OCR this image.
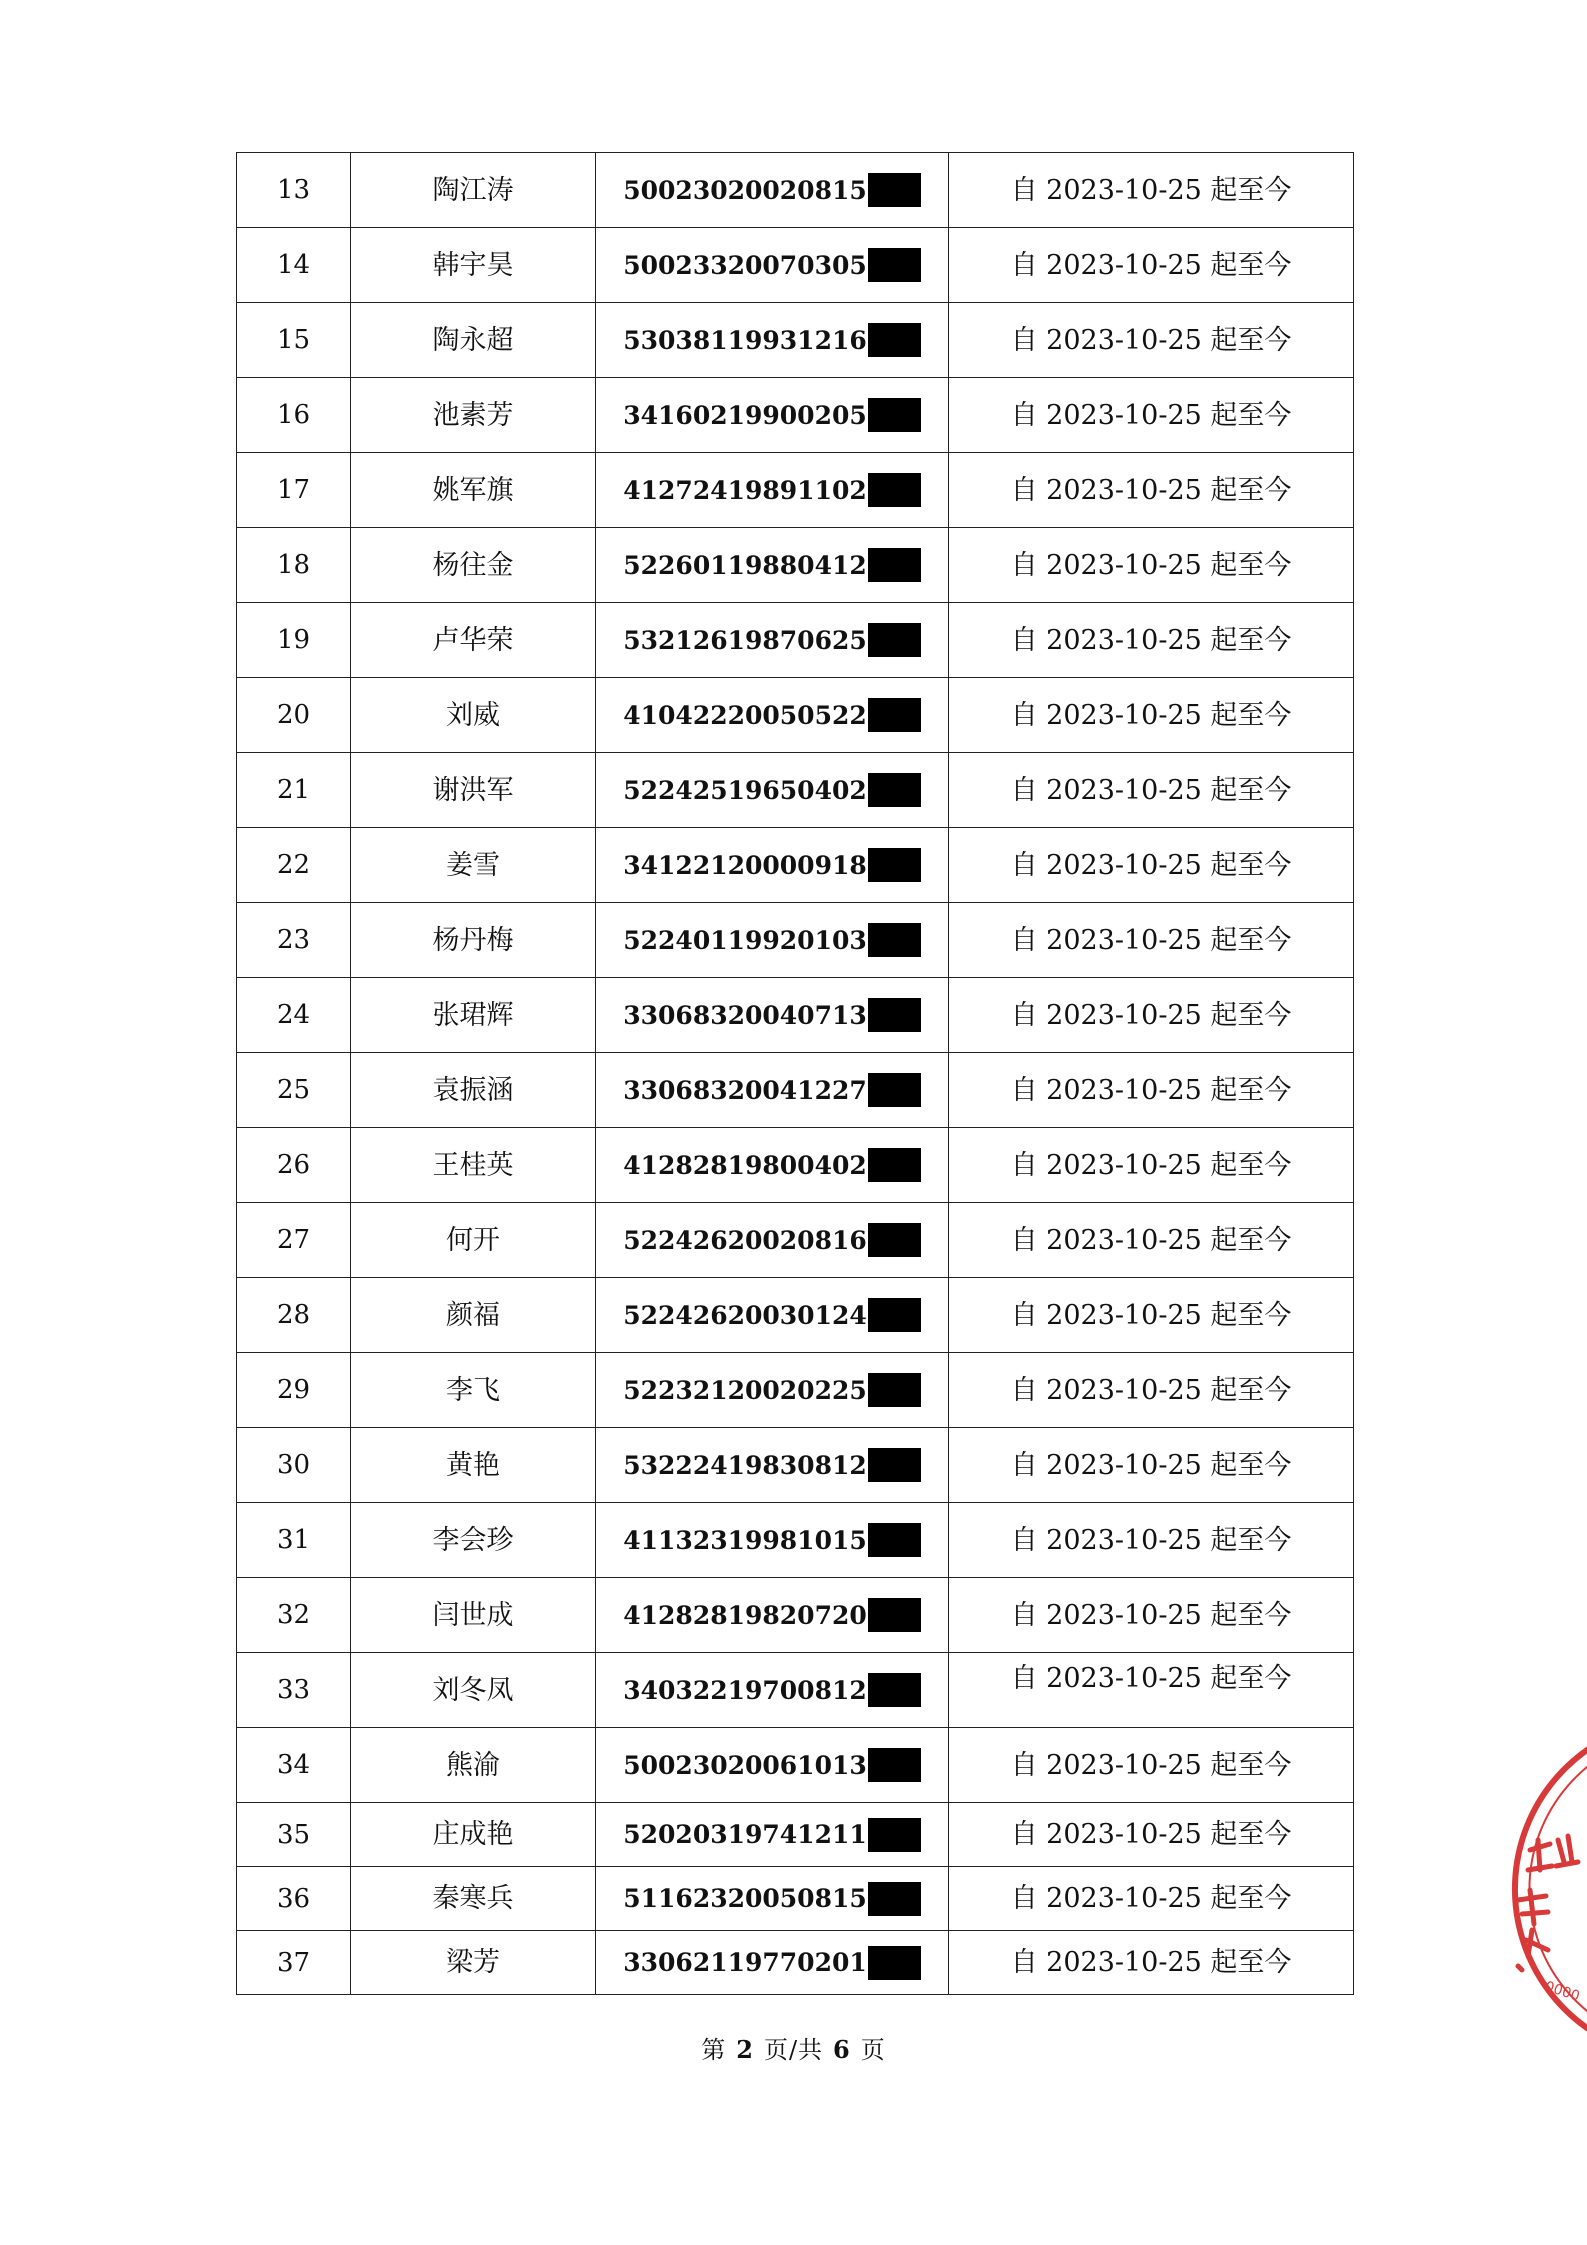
13	陶江涛	50023020020815	自 2023-10-25 起至今
14	韩宇昊	50023320070305	自 2023-10-25 起至今
15	陶永超	53038119931216	自 2023-10-25 起至今
16	池素芳	34160219900205	自 2023-10-25 起至今
17	姚军旗	41272419891102	自 2023-10-25 起至今
18	杨往金	52260119880412	自 2023-10-25 起至今
19	卢华荣	53212619870625	自 2023-10-25 起至今
20	刘威	41042220050522	自 2023-10-25 起至今
21	谢洪军	52242519650402	自 2023-10-25 起至今
22	姜雪	34122120000918	自 2023-10-25 起至今
23	杨丹梅	52240119920103	自 2023-10-25 起至今
24	张珺辉	33068320040713	自 2023-10-25 起至今
25	袁振涵	33068320041227	自 2023-10-25 起至今
26	王桂英	41282819800402	自 2023-10-25 起至今
27	何开	52242620020816	自 2023-10-25 起至今
28	颜福	52242620030124	自 2023-10-25 起至今
29	李飞	52232120020225	自 2023-10-25 起至今
30	黄艳	53222419830812	自 2023-10-25 起至今
31	李会珍	41132319981015	自 2023-10-25 起至今
32	闫世成	41282819820720	自 2023-10-25 起至今
33	刘冬凤	34032219700812	自 2023-10-25 起至今
34	熊渝	50023020061013	自 2023-10-25 起至今
35	庄成艳	52020319741211	自 2023-10-25 起至今
36	秦寒兵	51162320050815	自 2023-10-25 起至今
37	梁芳	33062119770201	自 2023-10-25 起至今
第 2 页/共 6 页
0000
